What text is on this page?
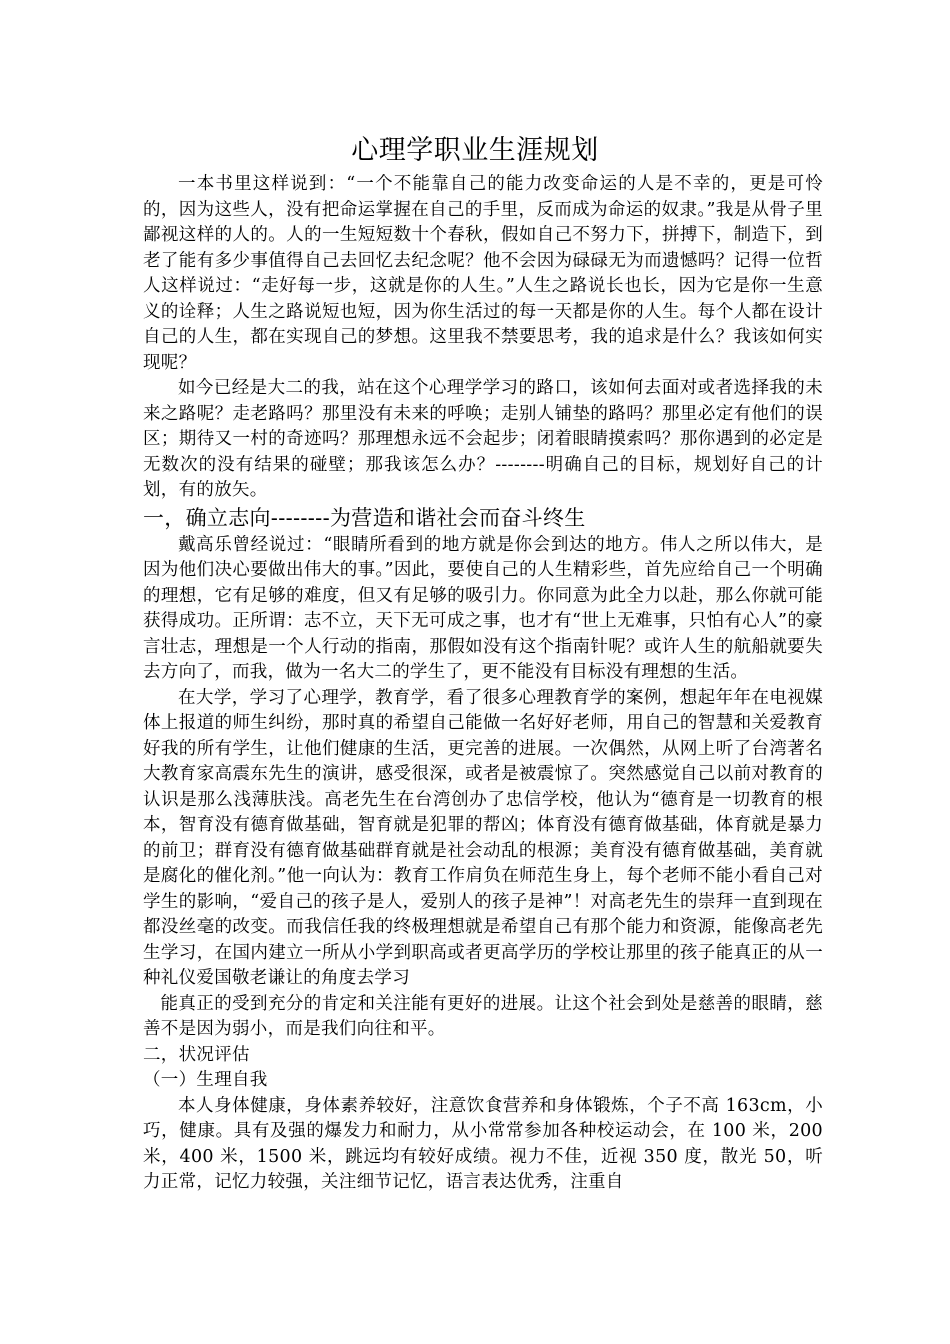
心理学职业生涯规划

一本书里这样说到：“一个不能靠自己的能力改变命运的人是不幸的，更是可怜的，因为这些人，没有把命运掌握在自己的手里，反而成为命运的奴隶。”我是从骨子里鄙视这样的人的。人的一生短短数十个春秋，假如自己不努力下，拼搏下，制造下，到老了能有多少事值得自己去回忆去纪念呢？他不会因为碌碌无为而遗憾吗？记得一位哲人这样说过：“走好每一步，这就是你的人生。”人生之路说长也长，因为它是你一生意义的诠释；人生之路说短也短，因为你生活过的每一天都是你的人生。每个人都在设计自己的人生，都在实现自己的梦想。这里我不禁要思考，我的追求是什么？我该如何实现呢？

如今已经是大二的我，站在这个心理学学习的路口，该如何去面对或者选择我的未来之路呢？走老路吗？那里没有未来的呼唤；走别人铺垫的路吗？那里必定有他们的误区；期待又一村的奇迹吗？那理想永远不会起步；闭着眼睛摸索吗？那你遇到的必定是无数次的没有结果的碰壁；那我该怎么办？--------明确自己的目标，规划好自己的计划，有的放矢。

一，确立志向--------为营造和谐社会而奋斗终生

戴高乐曾经说过：“眼睛所看到的地方就是你会到达的地方。伟人之所以伟大，是因为他们决心要做出伟大的事。”因此，要使自己的人生精彩些，首先应给自己一个明确的理想，它有足够的难度，但又有足够的吸引力。你同意为此全力以赴，那么你就可能获得成功。正所谓：志不立，天下无可成之事，也才有“世上无难事，只怕有心人”的豪言壮志，理想是一个人行动的指南，那假如没有这个指南针呢？或许人生的航船就要失去方向了，而我，做为一名大二的学生了，更不能没有目标没有理想的生活。

在大学，学习了心理学，教育学，看了很多心理教育学的案例，想起年年在电视媒体上报道的师生纠纷，那时真的希望自己能做一名好好老师，用自己的智慧和关爱教育好我的所有学生，让他们健康的生活，更完善的进展。一次偶然，从网上听了台湾著名大教育家高震东先生的演讲，感受很深，或者是被震惊了。突然感觉自己以前对教育的认识是那么浅薄肤浅。高老先生在台湾创办了忠信学校，他认为“德育是一切教育的根本，智育没有德育做基础，智育就是犯罪的帮凶；体育没有德育做基础，体育就是暴力的前卫；群育没有德育做基础群育就是社会动乱的根源；美育没有德育做基础，美育就是腐化的催化剂。”他一向认为：教育工作肩负在师范生身上，每个老师不能小看自己对学生的影响，“爱自己的孩子是人，爱别人的孩子是神”！对高老先生的崇拜一直到现在都没丝毫的改变。而我信任我的终极理想就是希望自己有那个能力和资源，能像高老先生学习，在国内建立一所从小学到职高或者更高学历的学校让那里的孩子能真正的从一种礼仪爱国敬老谦让的角度去学习

能真正的受到充分的肯定和关注能有更好的进展。让这个社会到处是慈善的眼睛，慈善不是因为弱小，而是我们向往和平。

二，状况评估

（一）生理自我

本人身体健康，身体素养较好，注意饮食营养和身体锻炼，个子不高 163cm，小巧，健康。具有及强的爆发力和耐力，从小常常参加各种校运动会，在 100 米，200 米，400 米，1500 米，跳远均有较好成绩。视力不佳，近视 350 度，散光 50，听力正常，记忆力较强，关注细节记忆，语言表达优秀，注重自
